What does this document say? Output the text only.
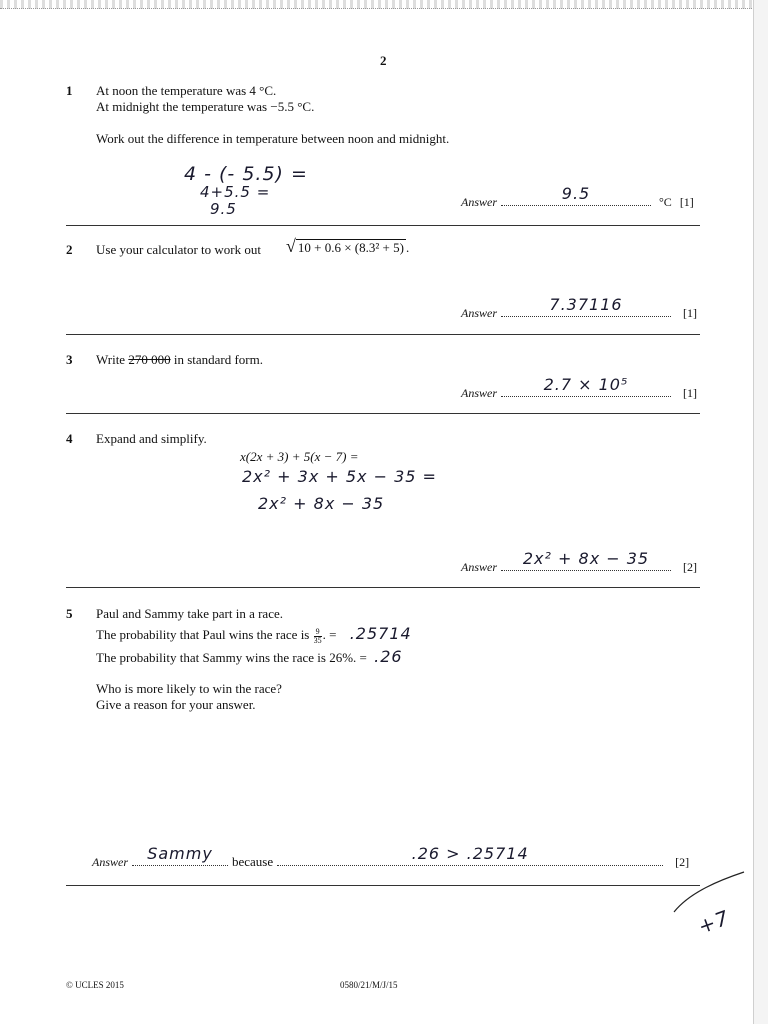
2
1 At noon the temperature was 4 °C.
At midnight the temperature was −5.5 °C.
Work out the difference in temperature between noon and midnight.
4 - (- 5.5) =
4+5.5 =
9.5	Answer	9.5	°C [1]
2 Use your calculator to work out √ 10 + 0.6 × (8.3² + 5) .
Answer	7.37116	[1]
3 Write 270 000 in standard form.
Answer	2.7 × 10⁵	[1]
4 Expand and simplify.
x(2x + 3) + 5(x − 7) =
2x² + 3x + 5x − 35 =
2x² + 8x − 35
Answer	2x² + 8x − 35	[2]
5 Paul and Sammy take part in a race.
The probability that Paul wins the race is $\frac{9}{35}$ . = .25714
The probability that Sammy wins the race is 26%. = .26
Who is more likely to win the race?
Give a reason for your answer.
Answer	Sammy	because	.26 > .25714	[2]
+7
© UCLES 2015	0580/21/M/J/15
